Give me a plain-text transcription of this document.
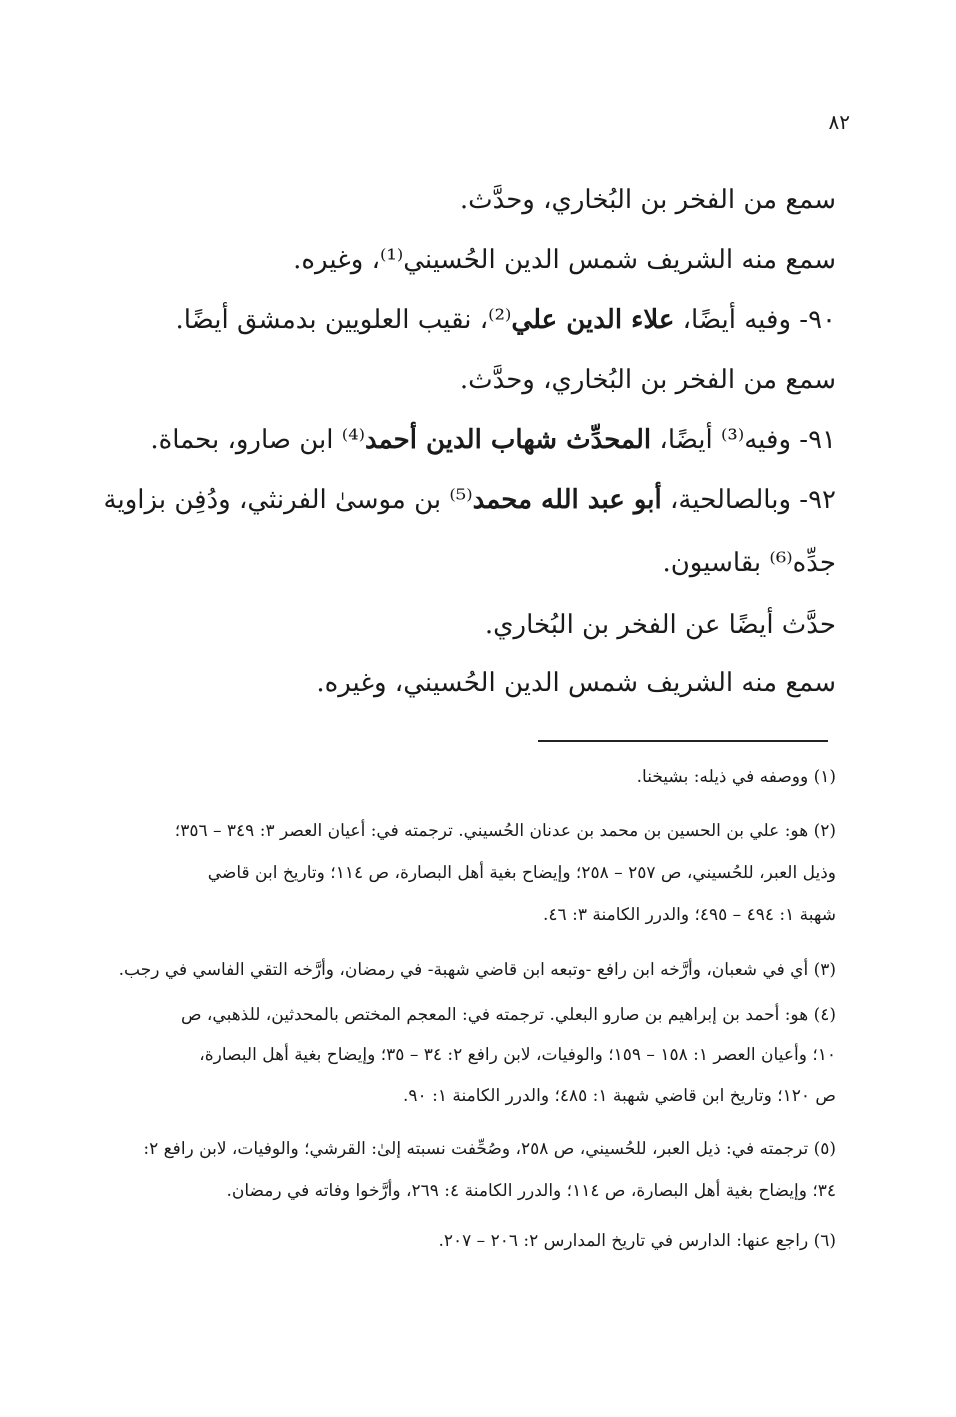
٨٢
سمع من الفخر بن البُخاري، وحدَّث.
سمع منه الشريف شمس الدين الحُسيني⁽¹⁾، وغيره.
٩٠- وفيه أيضًا، علاء الدين علي⁽²⁾، نقيب العلويين بدمشق أيضًا.
سمع من الفخر بن البُخاري، وحدَّث.
٩١- وفيه⁽³⁾ أيضًا، المحدِّث شهاب الدين أحمد⁽⁴⁾ ابن صارو، بحماة.
٩٢- وبالصالحية، أبو عبد الله محمد⁽⁵⁾ بن موسىٰ الفرنثي، ودُفِن بزاوية
جدِّه⁽⁶⁾ بقاسيون.
حدَّث أيضًا عن الفخر بن البُخاري.
سمع منه الشريف شمس الدين الحُسيني، وغيره.
(١) ووصفه في ذيله: بشيخنا.
(٢) هو: علي بن الحسين بن محمد بن عدنان الحُسيني. ترجمته في: أعيان العصر ٣: ٣٤٩ – ٣٥٦؛
وذيل العبر، للحُسيني، ص ٢٥٧ – ٢٥٨؛ وإيضاح بغية أهل البصارة، ص ١١٤؛ وتاريخ ابن قاضي
شهبة ١: ٤٩٤ – ٤٩٥؛ والدرر الكامنة ٣: ٤٦.
(٣) أي في شعبان، وأرَّخه ابن رافع -وتبعه ابن قاضي شهبة- في رمضان، وأرَّخه التقي الفاسي في رجب.
(٤) هو: أحمد بن إبراهيم بن صارو البعلي. ترجمته في: المعجم المختص بالمحدثين، للذهبي، ص
١٠؛ وأعيان العصر ١: ١٥٨ – ١٥٩؛ والوفيات، لابن رافع ٢: ٣٤ – ٣٥؛ وإيضاح بغية أهل البصارة،
ص ١٢٠؛ وتاريخ ابن قاضي شهبة ١: ٤٨٥؛ والدرر الكامنة ١: ٩٠.
(٥) ترجمته في: ذيل العبر، للحُسيني، ص ٢٥٨، وصُحِّفت نسبته إلىٰ: القرشي؛ والوفيات، لابن رافع ٢:
٣٤؛ وإيضاح بغية أهل البصارة، ص ١١٤؛ والدرر الكامنة ٤: ٢٦٩، وأرَّخوا وفاته في رمضان.
(٦) راجع عنها: الدارس في تاريخ المدارس ٢: ٢٠٦ – ٢٠٧.
